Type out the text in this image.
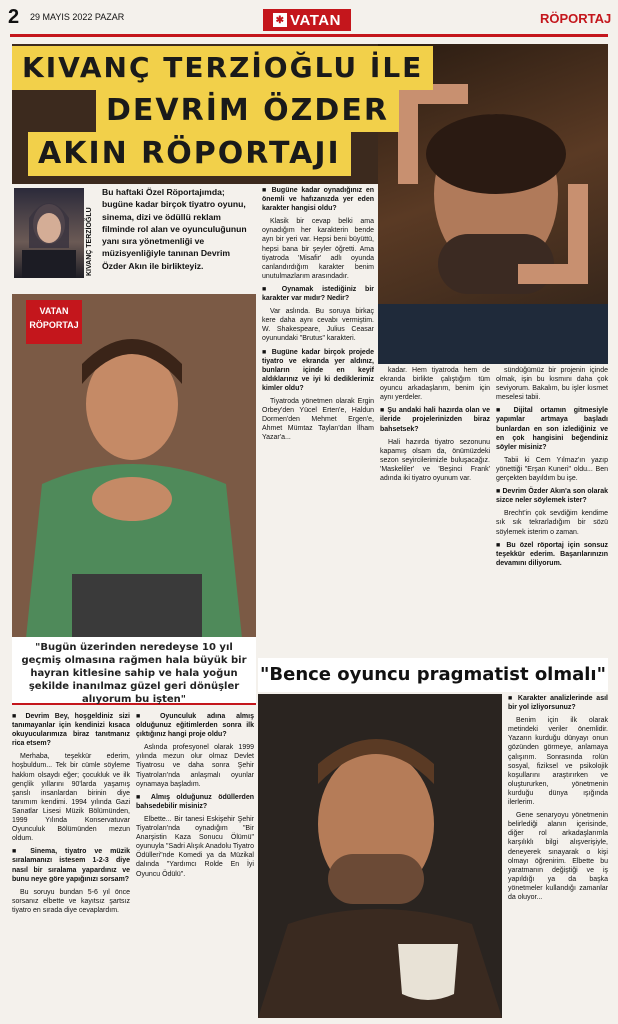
2 29 MAYIS 2022 PAZAR	✱ VATAN	RÖPORTAJ
KIVANÇ TERZİOĞLU İLE
DEVRİM ÖZDER
AKIN RÖPORTAJI
KIVANÇ TERZİOĞLU
Bu haftaki Özel Röportajımda; bugüne kadar birçok tiyatro oyunu, sinema, dizi ve ödüllü reklam filminde rol alan ve oyunculuğunun yanı sıra yönetmenliği ve müzisyenliğiyle tanınan Devrim Özder Akın ile birlikteyiz.
VATAN
RÖPORTAJ
"Bugün üzerinden neredeyse 10 yıl geçmiş olmasına rağmen hala büyük bir hayran kitlesine sahip ve hala yoğun şekilde inanılmaz güzel geri dönüşler alıyorum bu işten"

■ Bugüne kadar oynadığınız en önemli ve hafızanızda yer eden karakter hangisi oldu?

Klasik bir cevap belki ama oynadığım her karakterin bende ayrı bir yeri var. Hepsi beni büyüttü, hepsi bana bir şeyler öğretti. Ama tiyatroda 'Misafir' adlı oyunda canlandırdığım karakter benim unutulmazlarım arasındadır.

■ Oynamak istediğiniz bir karakter var mıdır? Nedir?

Var aslında. Bu soruya birkaç kere daha aynı cevabı vermiştim. W. Shakespeare, Julius Ceasar oyunundaki "Brutus" karakteri.

■ Bugüne kadar birçok projede tiyatro ve ekranda yer aldınız, bunların içinde en keyif aldıklarınız ve iyi ki dediklerimiz kimler oldu?

Tiyatroda yönetmen olarak Ergin Orbey'den Yücel Erten'e, Haldun Dormen'den Mehmet Ergen'e, Ahmet Mümtaz Taylan'dan İlham Yazar'a...

kadar. Hem tiyatroda hem de ekranda birlikte çalıştığım tüm oyuncu arkadaşlarım, benim için aynı yerdeler.

■ Şu andaki hali hazırda olan ve ileride projelerinizden biraz bahsetsek?

Hali hazırda tiyatro sezonunu kapamış olsam da, önümüzdeki sezon seyircilerimizle buluşacağız. 'Maskeliler' ve 'Beşinci Frank' adında iki tiyatro oyunum var.

sündüğümüz bir projenin içinde olmak, işin bu kısmını daha çok seviyorum. Bakalım, bu işler kısmet meselesi tabii.

■ Dijital ortamın gitmesiyle yapımlar artmaya başladı bunlardan en son izlediğiniz ve en çok hangisini beğendiniz söyler misiniz?

Tabii ki Cem Yılmaz'ın yazıp yönettiği "Erşan Kuneri" oldu... Ben gerçekten bayıldım bu işe.

■ Devrim Özder Akın'a son olarak sizce neler söylemek ister?

Brecht'in çok sevdiğim kendime sık sık tekrarladığım bir sözü söylemek isterim o zaman.

■ Bu özel röportaj için sonsuz teşekkür ederim. Başarılarınızın devamını diliyorum.

■ Devrim Bey, hoşgeldiniz sizi tanımayanlar için kendinizi kısaca okuyucularımıza biraz tanıtmanız rica etsem?

Merhaba, teşekkür ederim, hoşbuldum... Tek bir cümle söyleme hakkım olsaydı eğer; çocukluk ve ilk gençlik yıllarını 90'larda yaşamış şanslı insanlardan birinin diye tanımım kendimi. 1994 yılında Gazi Sanatlar Lisesi Müzik Bölümünden, 1999 Yılında Konservatuvar Oyunculuk Bölümünden mezun oldum.

■ Sinema, tiyatro ve müzik sıralamanızı istesem 1-2-3 diye nasıl bir sıralama yapardınız ve bunu neye göre yapığınızı sorsam?

Bu soruyu bundan 5-6 yıl önce sorsanız elbette ve kayıtsız şartsız tiyatro en sırada diye cevaplardım.

■ Oyunculuk adına almış olduğunuz eğitimlerden sonra ilk çıktığınız hangi proje oldu?

Aslında profesyonel olarak 1999 yılında mezun olur olmaz Devlet Tiyatrosu ve daha sonra Şehir Tiyatroları'nda anlaşmalı oyunlar oynamaya başladım.

■ Almış olduğunuz ödüllerden bahsedebilir misiniz?

Elbette... Bir tanesi Eskişehir Şehir Tiyatroları'nda oynadığım "Bir Anarşistin Kaza Sonucu Ölümü" oyunuyla "Sadri Alışık Anadolu Tiyatro Ödülleri"nde Komedi ya da Müzikal dalında "Yardımcı Rolde En İyi Oyuncu Ödülü".

■ Karakter analizlerinde asıl bir yol izliyorsunuz?

Benim için ilk olarak metindeki veriler önemlidir. Yazarın kurduğu dünyayı onun gözünden görmeye, anlamaya çalışırım. Sonrasında rolün sosyal, fiziksel ve psikolojik koşullarını araştırırken ve oluştururken, yönetmenin kurduğu dünya ışığında ilerlerim.

Gene senaryoyu yönetmenin belirlediği alanın içerisinde, diğer rol arkadaşlarımla karşılıklı bilgi alışverişiyle, deneyerek sınayarak o kişi olmayı öğrenirim. Elbette bu yaratmanın değiştiği ve iş yapıldığı ya da başka yönetmeler kullandığı zamanlar da oluyor...

"Bence oyuncu pragmatist olmalı"
